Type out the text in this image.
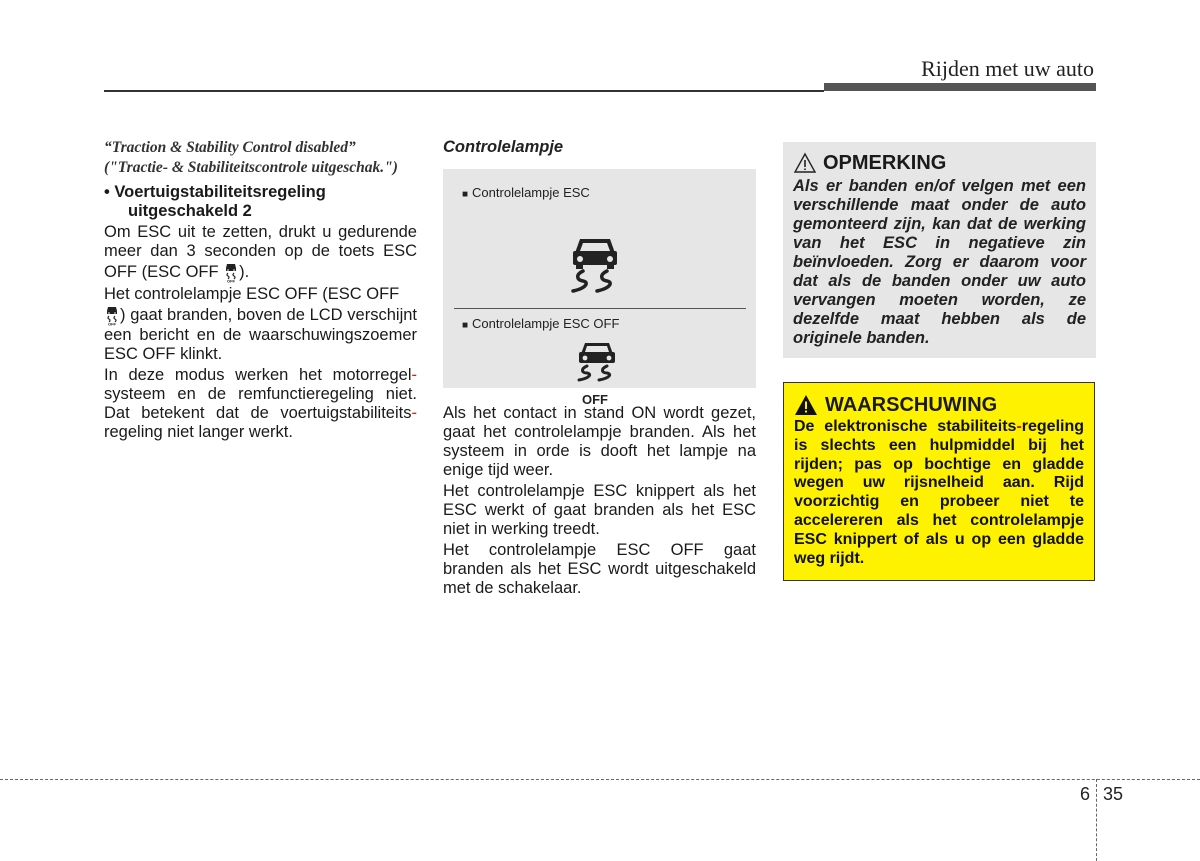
Rijden met uw auto
“Traction & Stability Control disabled”
("Tractie- & Stabiliteitscontrole uitgeschak.")
• Voertuigstabiliteitsregeling
uitgeschakeld 2

Om ESC uit te zetten, drukt u gedurende meer dan 3 seconden op de toets ESC OFF (ESC OFF OFF ).

Het controlelampje ESC OFF (ESC OFF

OFF ) gaat branden, boven de LCD verschijnt een bericht en de waarschuwingszoemer ESC OFF klinkt.

In deze modus werken het motorregel-systeem en de remfunctieregeling niet. Dat betekent dat de voertuigstabiliteits-regeling niet langer werkt.

Controlelampje
■ Controlelampje ESC
■ Controlelampje ESC OFF
OFF

Als het contact in stand ON wordt gezet, gaat het controlelampje branden. Als het systeem in orde is dooft het lampje na enige tijd weer.

Het controlelampje ESC knippert als het ESC werkt of gaat branden als het ESC niet in werking treedt.

Het controlelampje ESC OFF gaat branden als het ESC wordt uitgeschakeld met de schakelaar.

OPMERKING
Als er banden en/of velgen met een verschillende maat onder de auto gemonteerd zijn, kan dat de werking van het ESC in negatieve zin beïnvloeden. Zorg er daarom voor dat als de banden onder uw auto vervangen moeten worden, ze dezelfde maat hebben als de originele banden.
WAARSCHUWING
De elektronische stabiliteits-regeling is slechts een hulpmiddel bij het rijden; pas op bochtige en gladde wegen uw rijsnelheid aan. Rijd voorzichtig en probeer niet te accelereren als het controlelampje ESC knippert of als u op een gladde weg rijdt.
6 35
